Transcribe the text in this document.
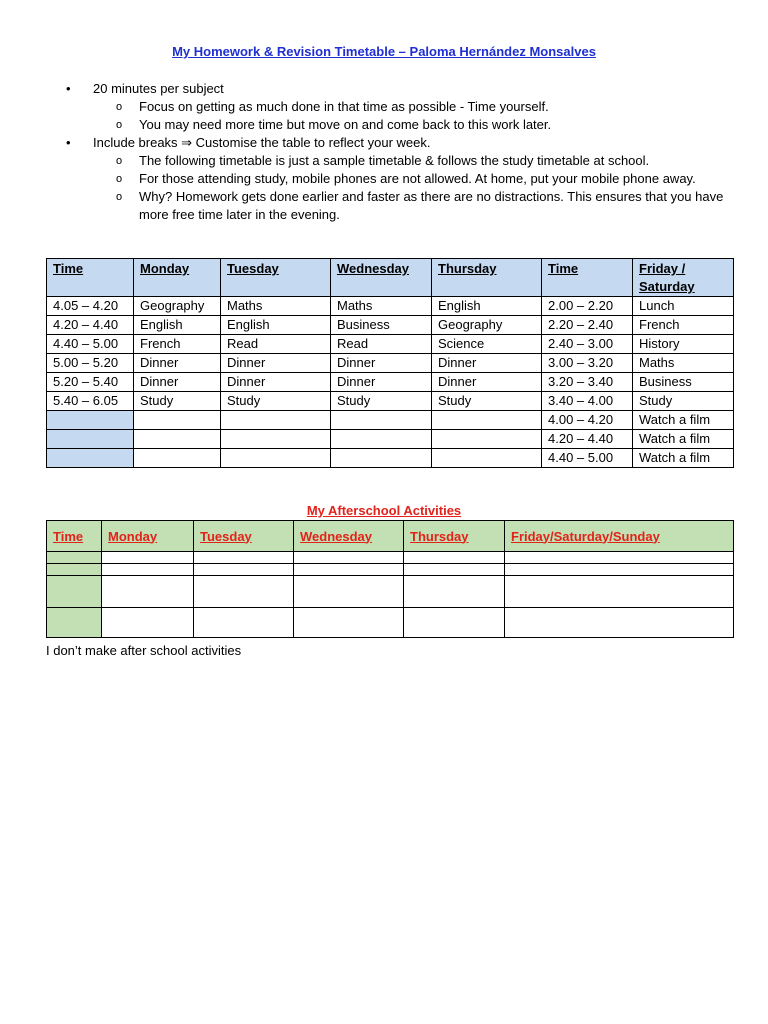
My Homework & Revision Timetable – Paloma Hernández Monsalves
• 20 minutes per subject
o Focus on getting as much done in that time as possible - Time yourself.
o You may need more time but move on and come back to this work later.
• Include breaks ⇒ Customise the table to reflect your week.
o The following timetable is just a sample timetable & follows the study timetable at school.
o For those attending study, mobile phones are not allowed. At home, put your mobile phone away.
o Why? Homework gets done earlier and faster as there are no distractions. This ensures that you have more free time later in the evening.
Time	Monday	Tuesday	Wednesday	Thursday	Time	Friday / Saturday
4.05 – 4.20	Geography	Maths	Maths	English	2.00 – 2.20	Lunch
4.20 – 4.40	English	English	Business	Geography	2.20 – 2.40	French
4.40 – 5.00	French	Read	Read	Science	2.40 – 3.00	History
5.00 – 5.20	Dinner	Dinner	Dinner	Dinner	3.00 – 3.20	Maths
5.20 – 5.40	Dinner	Dinner	Dinner	Dinner	3.20 – 3.40	Business
5.40 – 6.05	Study	Study	Study	Study	3.40 – 4.00	Study
					4.00 – 4.20	Watch a film
					4.20 – 4.40	Watch a film
					4.40 – 5.00	Watch a film
My Afterschool Activities
Time	Monday	Tuesday	Wednesday	Thursday	Friday/Saturday/Sunday

I don’t make after school activities
